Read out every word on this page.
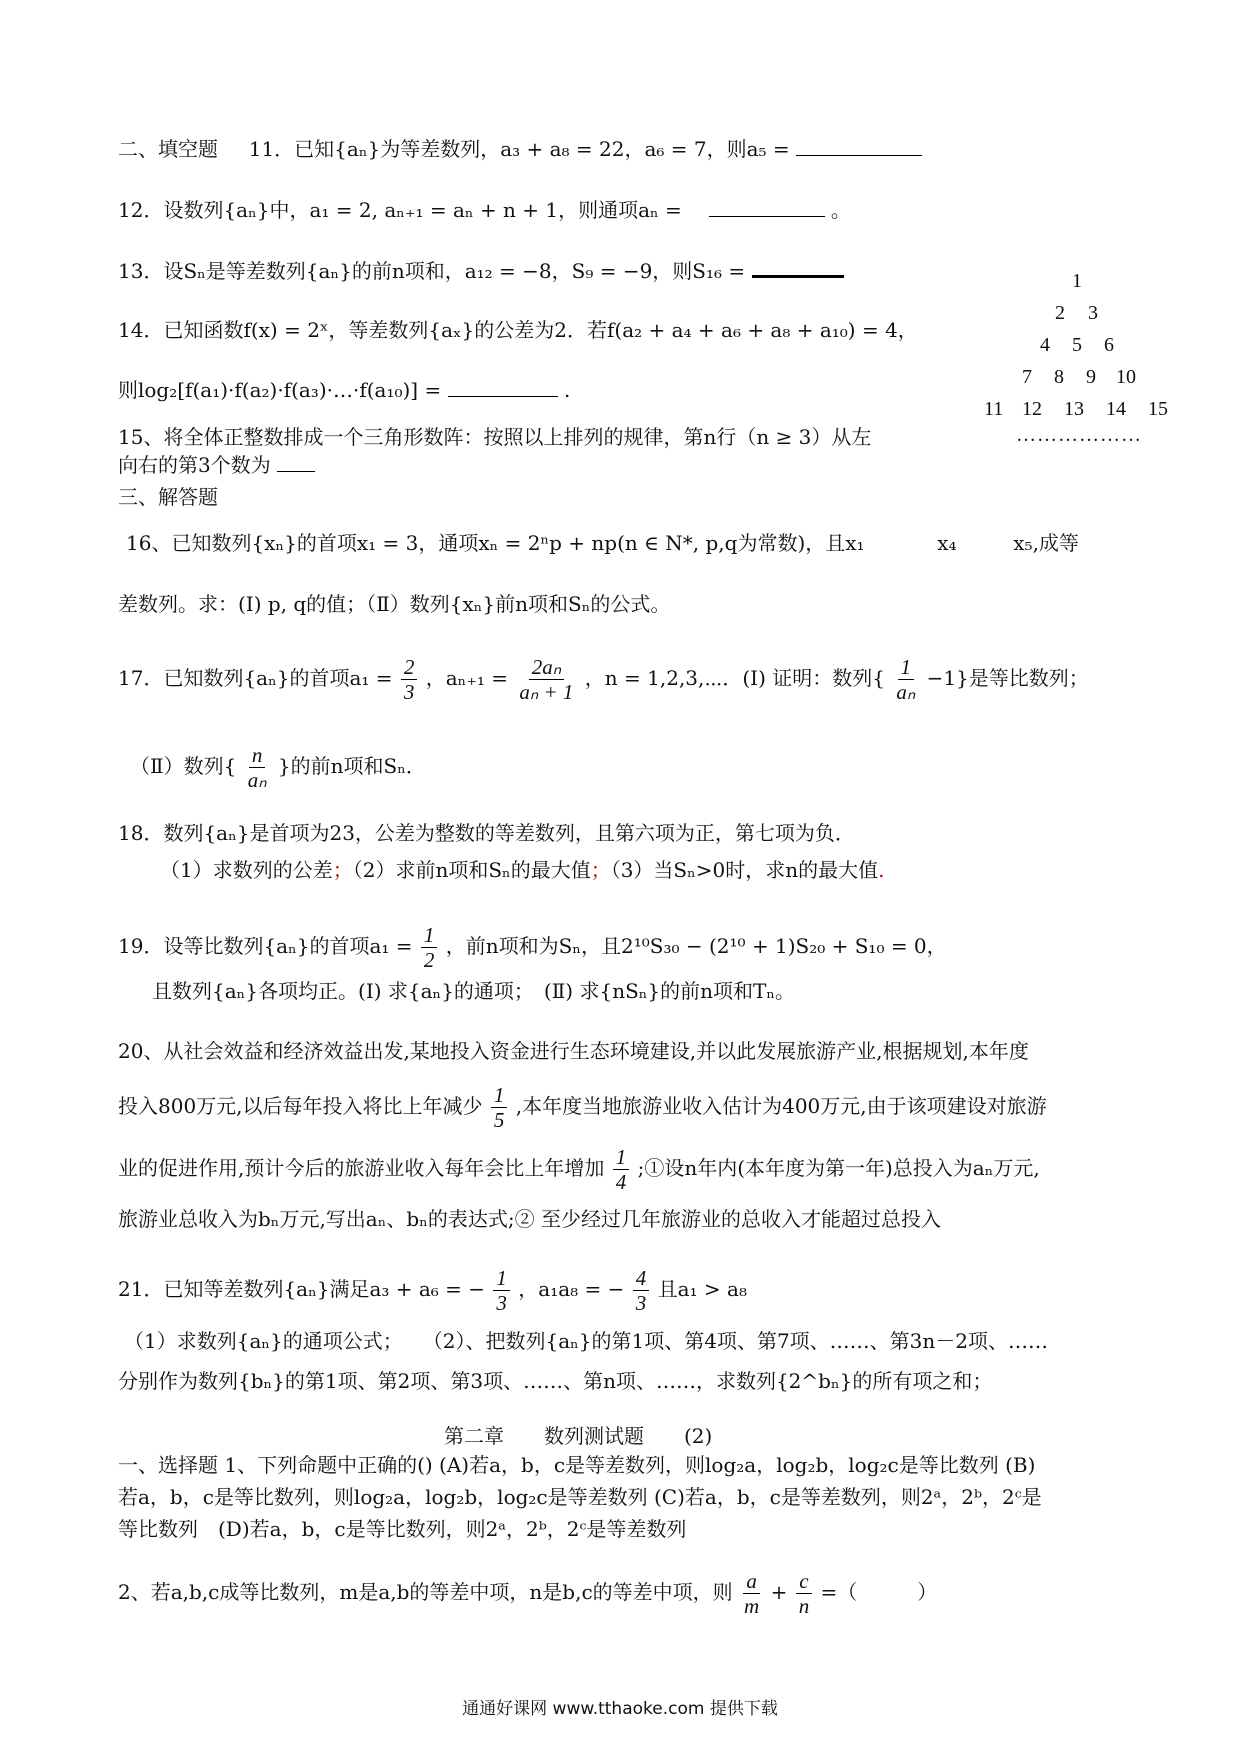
二、填空题 11．已知{aₙ}为等差数列，a₃ + a₈ = 22，a₆ = 7，则a₅ =
12．设数列{aₙ}中，a₁ = 2, aₙ₊₁ = aₙ + n + 1，则通项aₙ =	。
13．设Sₙ是等差数列{aₙ}的前n项和，a₁₂ = −8，S₉ = −9，则S₁₆ =
14．已知函数f(x) = 2ˣ，等差数列{aₓ}的公差为2．若f(a₂ + a₄ + a₆ + a₈ + a₁₀) = 4，
则log₂[f(a₁)·f(a₂)·f(a₃)·…·f(a₁₀)] =	.
15、将全体正整数排成一个三角形数阵：按照以上排列的规律，第n行（n ≥ 3）从左
向右的第3个数为
1
2 3
4 5 6
7 8 9 10
11 12 13 14 15
………………
三、解答题
16、已知数列{xₙ}的首项x₁ = 3，通项xₙ = 2ⁿp + np(n ∈ N*, p,q为常数)，且x₁	x₄	x₅,成等
差数列。求：(Ⅰ) p, q的值；（Ⅱ）数列{xₙ}前n项和Sₙ的公式。
17．已知数列{aₙ}的首项$a_1 = \frac{2}{3}$ ，$a_{n+1} = \frac{\text{2aₙ}}{\text{aₙ + 1}}$ ，n = 1,2,3,⋯．(Ⅰ) 证明：数列{ $\frac{1}{\text{aₙ}} -1$}是等比数列；
（Ⅱ）数列{ $\frac{n}{\text{aₙ}}$ }的前n项和Sₙ．
18．数列{aₙ}是首项为23，公差为整数的等差数列，且第六项为正，第七项为负．
（1）求数列的公差；（2）求前n项和Sₙ的最大值；（3）当Sₙ>0时，求n的最大值.
19．设等比数列{aₙ}的首项$a_1 = \frac{1}{2}$ ，前n项和为Sₙ，且2¹⁰S₃₀ − (2¹⁰ + 1)S₂₀ + S₁₀ = 0，
且数列{aₙ}各项均正。(Ⅰ) 求{aₙ}的通项；　(Ⅱ) 求{nSₙ}的前n项和Tₙ。
20、从社会效益和经济效益出发,某地投入资金进行生态环境建设,并以此发展旅游产业,根据规划,本年度
投入800万元,以后每年投入将比上年减少 $\frac{1}{5}$ ,本年度当地旅游业收入估计为400万元,由于该项建设对旅游
业的促进作用,预计今后的旅游业收入每年会比上年增加 $\frac{1}{4}$ ;①设n年内(本年度为第一年)总投入为aₙ万元,
旅游业总收入为bₙ万元,写出aₙ、bₙ的表达式;② 至少经过几年旅游业的总收入才能超过总投入
21．已知等差数列{aₙ}满足a₃ + a₆ = − $\frac{1}{3}$ ，a₁a₈ = − $\frac{4}{3}$ 且a₁ > a₈
（1）求数列{aₙ}的通项公式；　　（2）、把数列{aₙ}的第1项、第4项、第7项、……、第3n－2项、……
分别作为数列{bₙ}的第1项、第2项、第3项、……、第n项、……，求数列{2^bₙ}的所有项之和；
第二章　　数列测试题　　(2)
一、选择题 1、下列命题中正确的() (A)若a，b，c是等差数列，则log₂a，log₂b，log₂c是等比数列 (B)
若a，b，c是等比数列，则log₂a，log₂b，log₂c是等差数列 (C)若a，b，c是等差数列，则2ᵃ，2ᵇ，2ᶜ是
等比数列　(D)若a，b，c是等比数列，则2ᵃ，2ᵇ，2ᶜ是等差数列
2、若a,b,c成等比数列，m是a,b的等差中项，n是b,c的等差中项，则 $\frac{a}{m} + \frac{c}{n}$ =（　　　）
通通好课网 www.tthaoke.com 提供下载
